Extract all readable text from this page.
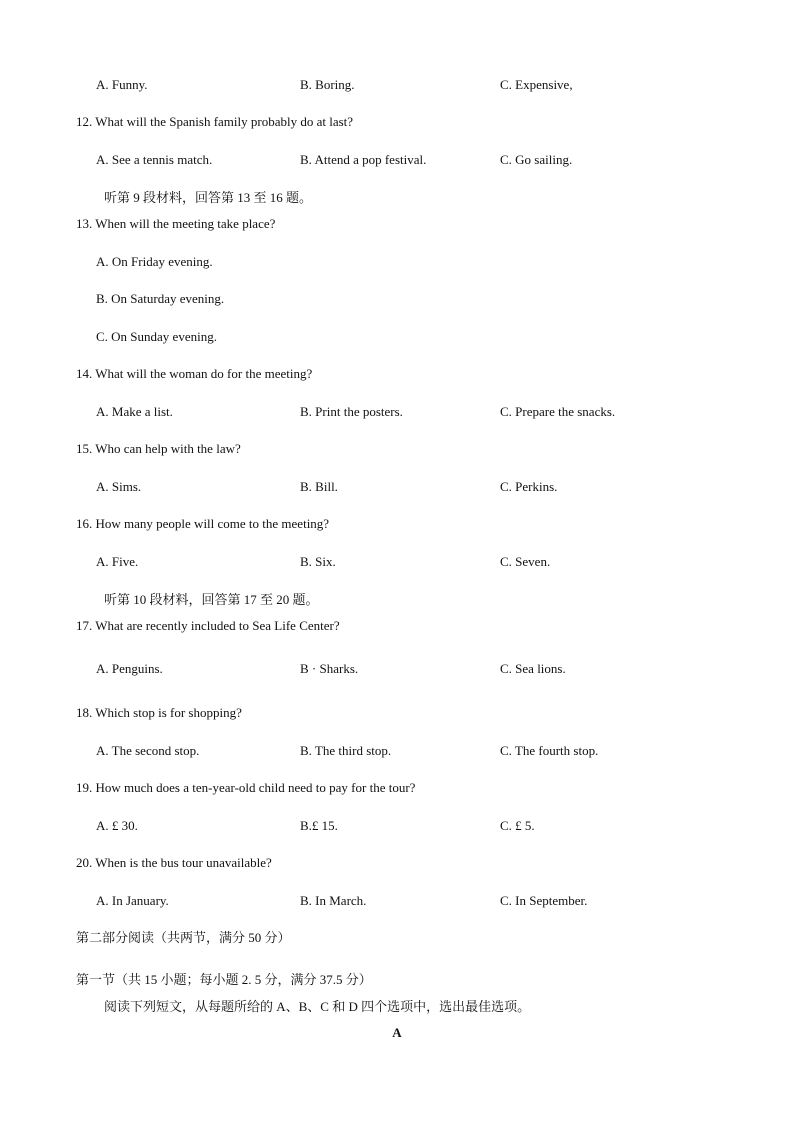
A. Funny.	B. Boring.	C. Expensive,
12. What will the Spanish family probably do at last?
A. See a tennis match.	B. Attend a pop festival.	C. Go sailing.
听第 9 段材料，回答第 13 至 16 题。
13. When will the meeting take place?
A. On Friday evening.
B. On Saturday evening.
C. On Sunday evening.
14. What will the woman do for the meeting?
A. Make a list.	B. Print the posters.	C. Prepare the snacks.
15. Who can help with the law?
A. Sims.	B. Bill.	C. Perkins.
16. How many people will come to the meeting?
A. Five.	B. Six.	C. Seven.
听第 10 段材料，回答第 17 至 20 题。
17. What are recently included to Sea Life Center?
A. Penguins.	B · Sharks.	C. Sea lions.
18. Which stop is for shopping?
A. The second stop.	B. The third stop.	C. The fourth stop.
19. How much does a ten-year-old child need to pay for the tour?
A. £ 30.	B.£ 15.	C. £ 5.
20. When is the bus tour unavailable?
A. In January.	B. In March.	C. In September.
第二部分阅读（共两节，满分 50 分）
第一节（共 15 小题；每小题 2. 5 分，满分 37.5 分）
阅读下列短文，从每题所给的 A、B、C 和 D 四个选项中，选出最佳选项。
A
